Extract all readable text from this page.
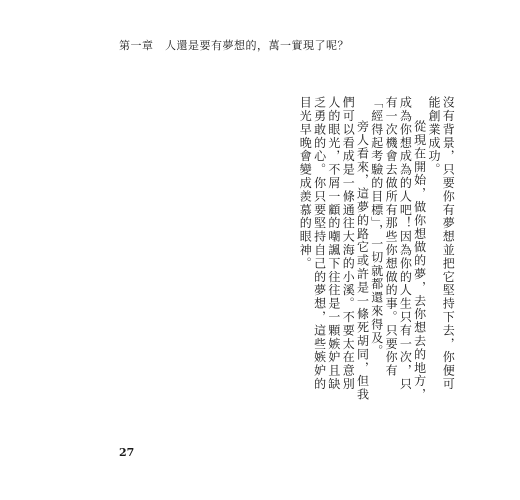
第一章　人還是要有夢想的，萬一實現了呢？

沒有背景，只要你有夢想並把它堅持下去，你便可能創業成功。

從現在開始，做你想做的夢，去你想去的地方，成為你想成為的人吧！因為你的人生只有一次，只有一次機會去做所有那些你想做的事。只要你有「經得起考驗的目標」，一切就都還來得及。

旁人看來，這夢的路它或許是一條死胡同，但我們可以看成是一條通往大海的小溪。不要太在意別人的眼光，不屑一顧的嘲諷下往往是一顆嫉妒且缺乏勇敢的心。你只要堅持自己的夢想，這些嫉妒的目光早晚會變成羨慕的眼神。

27
